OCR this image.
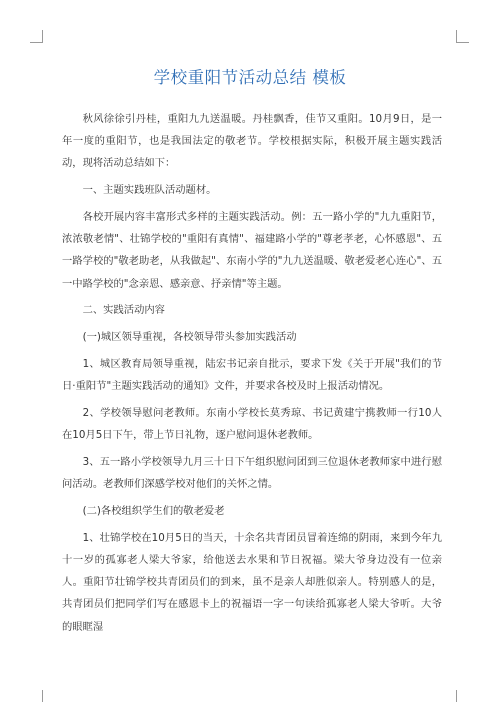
学校重阳节活动总结 模板

秋风徐徐引丹桂，重阳九九送温暖。丹桂飘香，佳节又重阳。10月9日，是一年一度的重阳节，也是我国法定的敬老节。学校根据实际，积极开展主题实践活动，现将活动总结如下：

一、主题实践班队活动题材。

各校开展内容丰富形式多样的主题实践活动。例：五一路小学的"九九重阳节，浓浓敬老情"、壮锦学校的"重阳有真情"、福建路小学的"尊老孝老，心怀感恩"、五一路学校的"敬老助老，从我做起"、东南小学的"九九送温暖、敬老爱老心连心"、五一中路学校的"念亲恩、感亲意、抒亲情"等主题。

二、实践活动内容

(一)城区领导重视，各校领导带头参加实践活动

1、城区教育局领导重视，陆宏书记亲自批示，要求下发《关于开展"我们的节日·重阳节"主题实践活动的通知》文件，并要求各校及时上报活动情况。

2、学校领导慰问老教师。东南小学校长莫秀琼、书记黄建宁携教师一行10人在10月5日下午，带上节日礼物，逐户慰问退休老教师。

3、五一路小学校领导九月三十日下午组织慰问团到三位退休老教师家中进行慰问活动。老教师们深感学校对他们的关怀之情。

(二)各校组织学生们的敬老爱老

1、壮锦学校在10月5日的当天，十余名共青团员冒着连绵的阴雨，来到今年九十一岁的孤寡老人梁大爷家，给他送去水果和节日祝福。梁大爷身边没有一位亲人。重阳节壮锦学校共青团员们的到来，虽不是亲人却胜似亲人。特别感人的是，共青团员们把同学们写在感恩卡上的祝福语一字一句读给孤寡老人梁大爷听。大爷的眼眶湿
